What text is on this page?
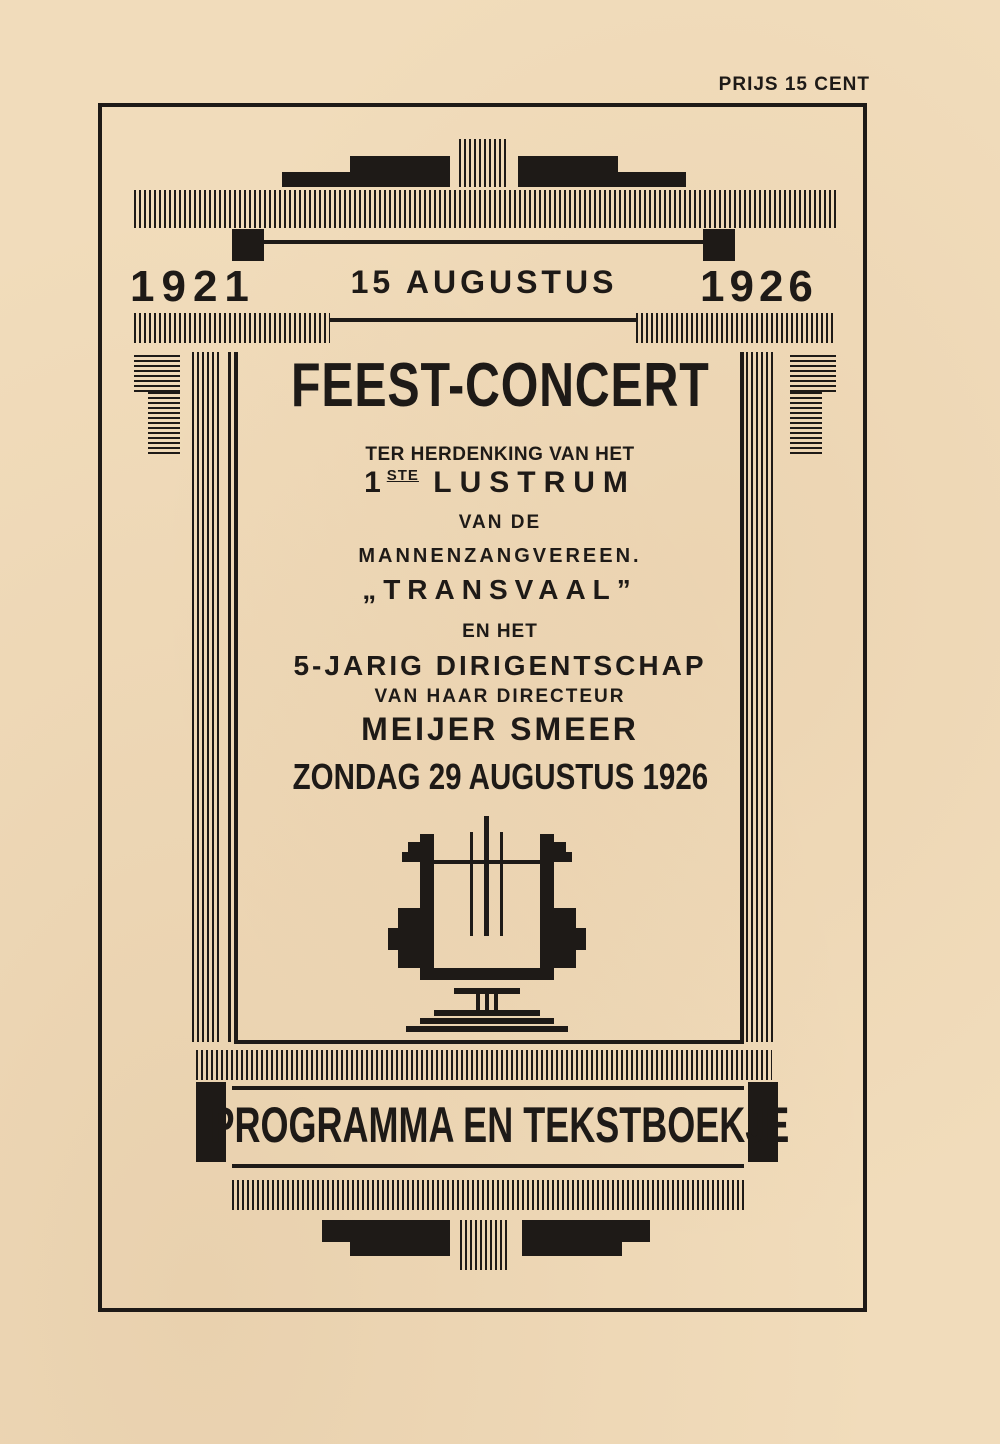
PRIJS 15 CENT
1921	15 AUGUSTUS	1926
FEEST-CONCERT
TER HERDENKING VAN HET
1STE LUSTRUM
VAN DE
MANNENZANGVEREEN.
„TRANSVAAL”
EN HET
5-JARIG DIRIGENTSCHAP
VAN HAAR DIRECTEUR
MEIJER SMEER
ZONDAG 29 AUGUSTUS 1926
PROGRAMMA EN TEKSTBOEKJE
